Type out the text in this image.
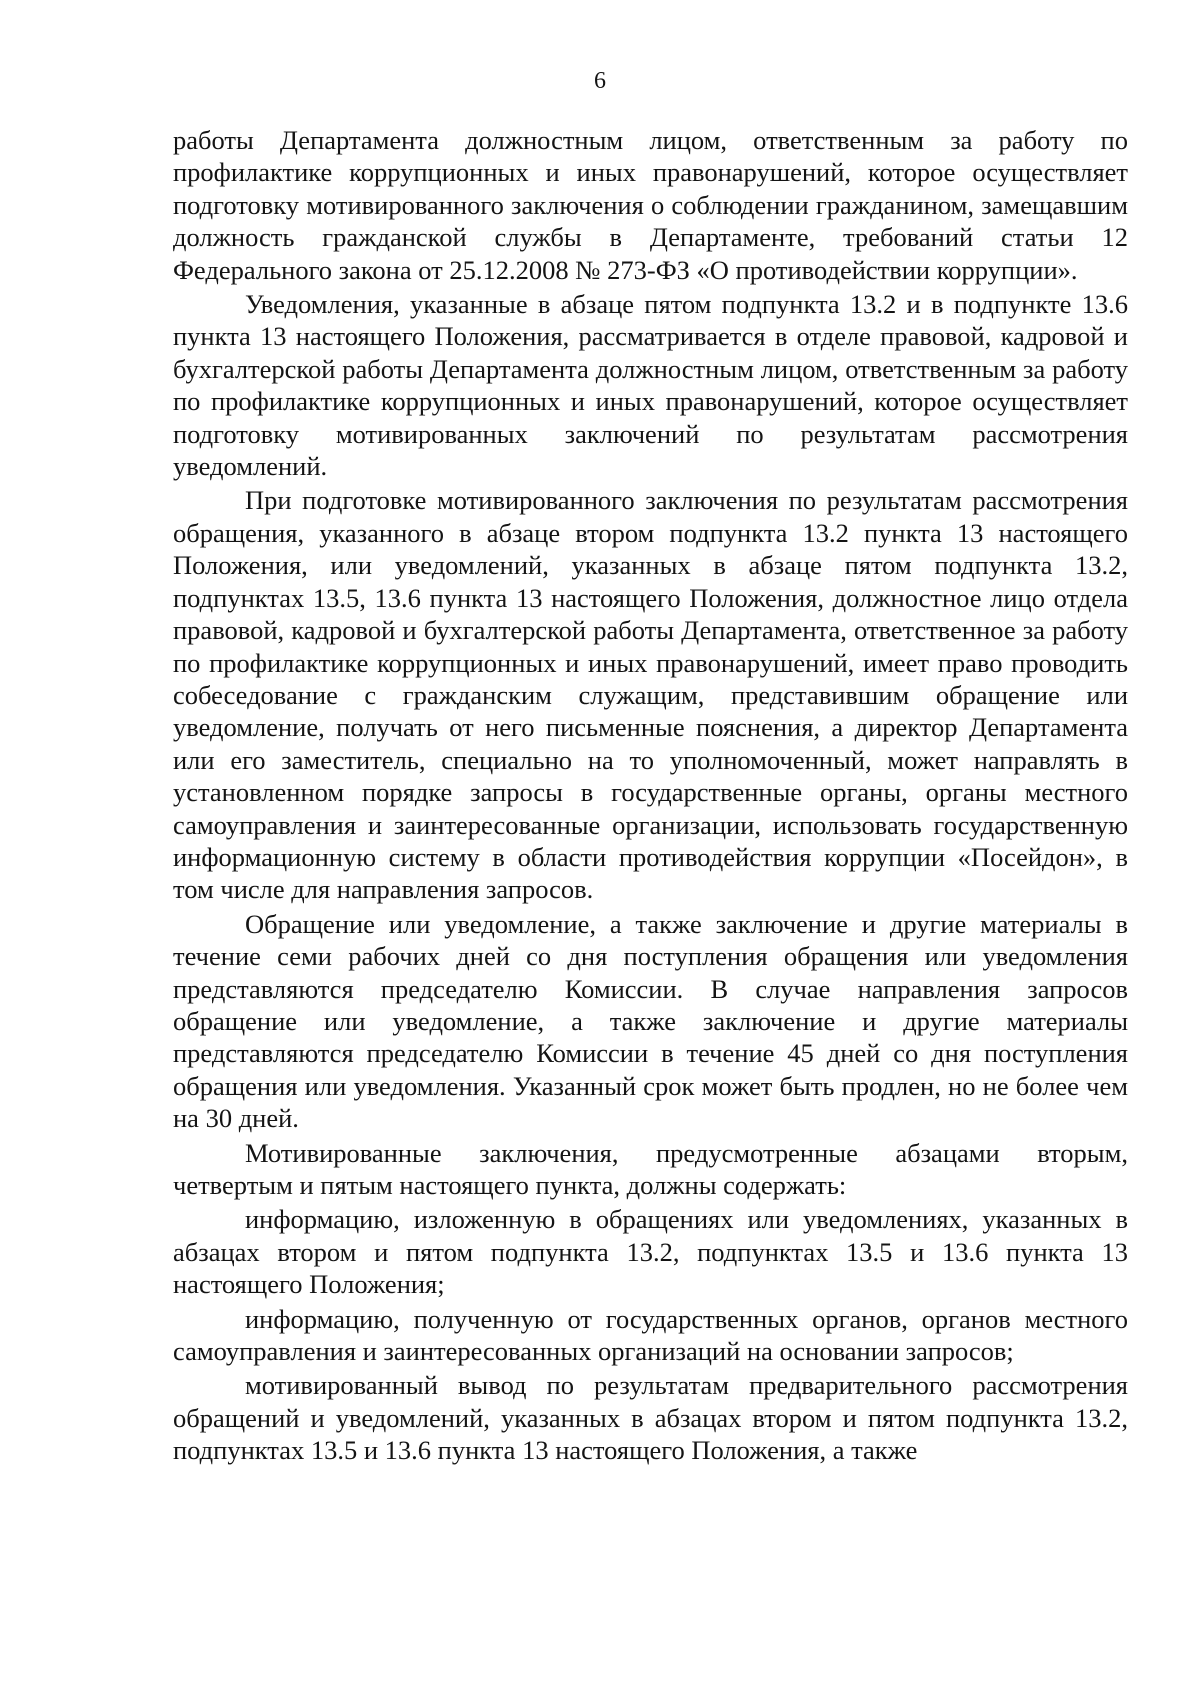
6

работы Департамента должностным лицом, ответственным за работу по профилактике коррупционных и иных правонарушений, которое осуществляет подготовку мотивированного заключения о соблюдении гражданином, замещавшим должность гражданской службы в Департаменте, требований статьи 12 Федерального закона от 25.12.2008 № 273-ФЗ «О противодействии коррупции».

Уведомления, указанные в абзаце пятом подпункта 13.2 и в подпункте 13.6 пункта 13 настоящего Положения, рассматривается в отделе правовой, кадровой и бухгалтерской работы Департамента должностным лицом, ответственным за работу по профилактике коррупционных и иных правонарушений, которое осуществляет подготовку мотивированных заключений по результатам рассмотрения уведомлений.

При подготовке мотивированного заключения по результатам рассмотрения обращения, указанного в абзаце втором подпункта 13.2 пункта 13 настоящего Положения, или уведомлений, указанных в абзаце пятом подпункта 13.2, подпунктах 13.5, 13.6 пункта 13 настоящего Положения, должностное лицо отдела правовой, кадровой и бухгалтерской работы Департамента, ответственное за работу по профилактике коррупционных и иных правонарушений, имеет право проводить собеседование с гражданским служащим, представившим обращение или уведомление, получать от него письменные пояснения, а директор Департамента или его заместитель, специально на то уполномоченный, может направлять в установленном порядке запросы в государственные органы, органы местного самоуправления и заинтересованные организации, использовать государственную информационную систему в области противодействия коррупции «Посейдон», в том числе для направления запросов.

Обращение или уведомление, а также заключение и другие материалы в течение семи рабочих дней со дня поступления обращения или уведомления представляются председателю Комиссии. В случае направления запросов обращение или уведомление, а также заключение и другие материалы представляются председателю Комиссии в течение 45 дней со дня поступления обращения или уведомления. Указанный срок может быть продлен, но не более чем на 30 дней.

Мотивированные заключения, предусмотренные абзацами вторым, четвертым и пятым настоящего пункта, должны содержать:

информацию, изложенную в обращениях или уведомлениях, указанных в абзацах втором и пятом подпункта 13.2, подпунктах 13.5 и 13.6 пункта 13 настоящего Положения;

информацию, полученную от государственных органов, органов местного самоуправления и заинтересованных организаций на основании запросов;

мотивированный вывод по результатам предварительного рассмотрения обращений и уведомлений, указанных в абзацах втором и пятом подпункта 13.2, подпунктах 13.5 и 13.6 пункта 13 настоящего Положения, а также
